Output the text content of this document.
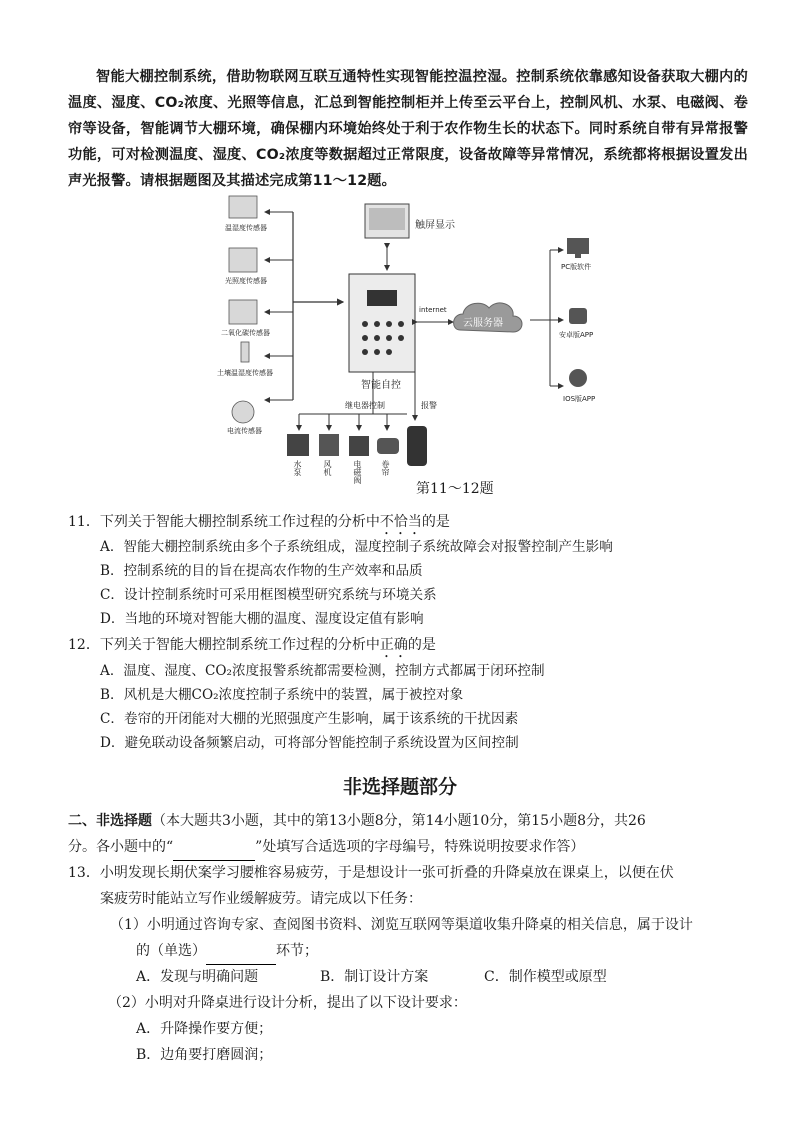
智能大棚控制系统，借助物联网互联互通特性实现智能控温控湿。控制系统依靠感知设备获取大棚内的温度、湿度、CO₂浓度、光照等信息，汇总到智能控制柜并上传至云平台上，控制风机、水泵、电磁阀、卷帘等设备，智能调节大棚环境，确保棚内环境始终处于利于农作物生长的状态下。同时系统自带有异常报警功能，可对检测温度、湿度、CO₂浓度等数据超过正常限度，设备故障等异常情况，系统都将根据设置发出声光报警。请根据题图及其描述完成第11～12题。
温湿度传感器
光照度传感器
二氧化碳传感器
土壤温湿度传感器
电流传感器
触屏显示
智能自控
internet
云服务器
PC版软件
安卓版APP
IOS版APP
继电器控制	报警
水泵	风机	电磁阀 卷帘
第11～12题
11．下列关于智能大棚控制系统工作过程的分析中不恰当的是
A．智能大棚控制系统由多个子系统组成，湿度控制子系统故障会对报警控制产生影响
B．控制系统的目的旨在提高农作物的生产效率和品质
C．设计控制系统时可采用框图模型研究系统与环境关系
D．当地的环境对智能大棚的温度、湿度设定值有影响
12．下列关于智能大棚控制系统工作过程的分析中正确的是
A．温度、湿度、CO₂浓度报警系统都需要检测，控制方式都属于闭环控制
B．风机是大棚CO₂浓度控制子系统中的装置，属于被控对象
C．卷帘的开闭能对大棚的光照强度产生影响，属于该系统的干扰因素
D．避免联动设备频繁启动，可将部分智能控制子系统设置为区间控制
非选择题部分
二、非选择题（本大题共3小题，其中的第13小题8分，第14小题10分，第15小题8分，共26
分。各小题中的“	”处填写合适选项的字母编号，特殊说明按要求作答）
13．小明发现长期伏案学习腰椎容易疲劳，于是想设计一张可折叠的升降桌放在课桌上，以便在伏
案疲劳时能站立写作业缓解疲劳。请完成以下任务：
（1）小明通过咨询专家、查阅图书资料、浏览互联网等渠道收集升降桌的相关信息，属于设计
的（单选）	环节；
A．发现与明确问题	B．制订设计方案	C．制作模型或原型
（2）小明对升降桌进行设计分析，提出了以下设计要求：
A．升降操作要方便；
B．边角要打磨圆润；
